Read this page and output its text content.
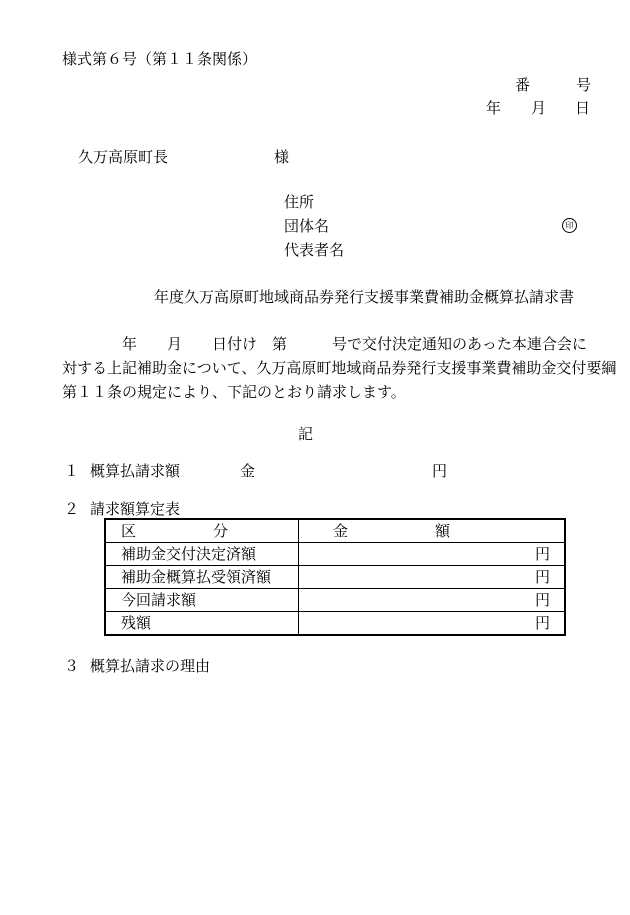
様式第６号（第１１条関係）
番	号
年 月 日
久万高原町長	様
住所
団体名	印
代表者名
年度久万高原町地域商品券発行支援事業費補助金概算払請求書
　　　　年　　月　　日付け　第　　　号で交付決定通知のあった本連合会に
対する上記補助金について、久万高原町地域商品券発行支援事業費補助金交付要綱
第１１条の規定により、下記のとおり請求します。
記
１ 概算払請求額	金	円
２ 請求額算定表
区 分	金 額

補助金交付決定済額	円
補助金概算払受領済額	円
今回請求額	円
残額	円
３ 概算払請求の理由
